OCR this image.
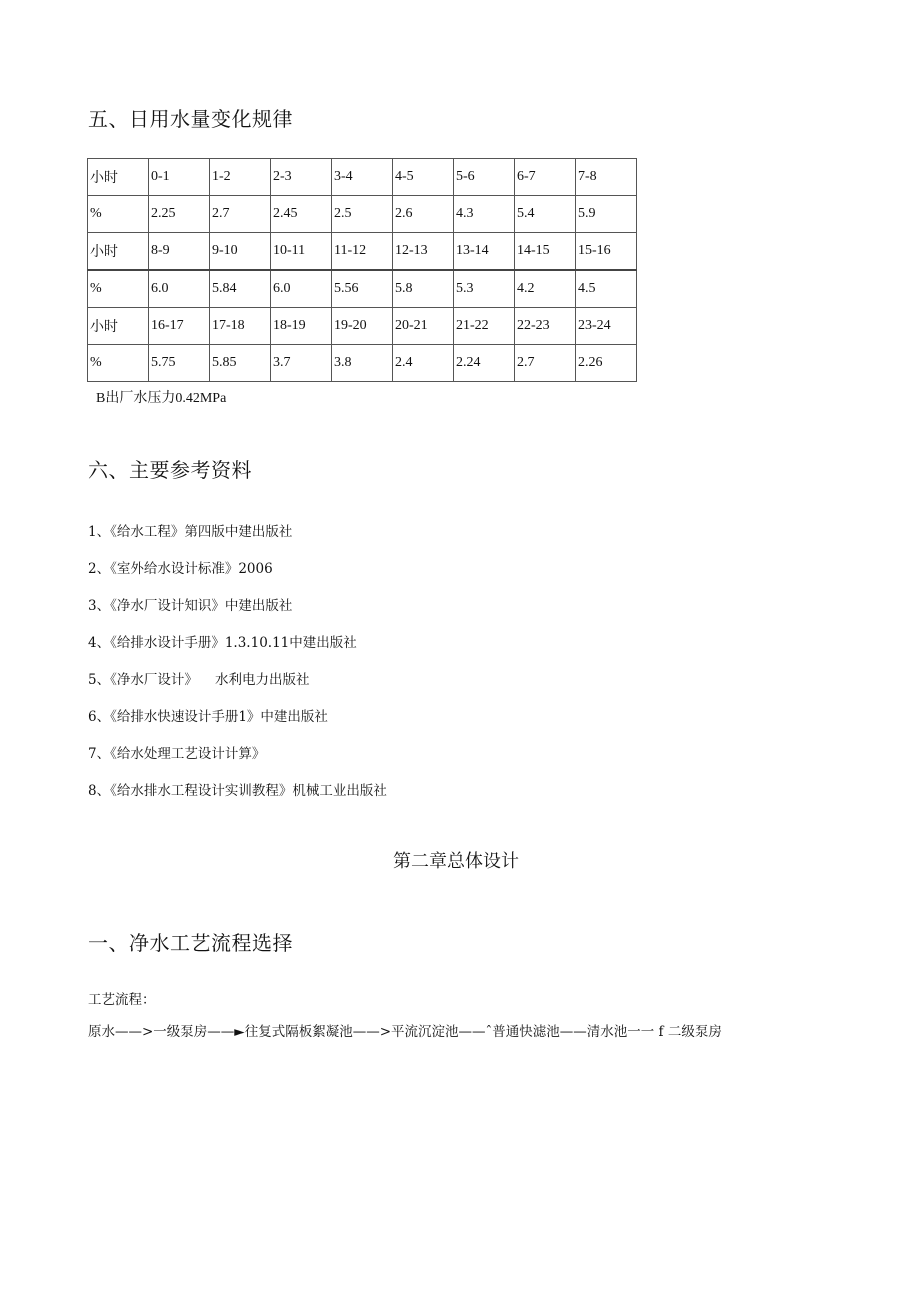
五、日用水量变化规律
小时	0-1	1-2	2-3	3-4	4-5	5-6	6-7	7-8
%	2.25	2.7	2.45	2.5	2.6	4.3	5.4	5.9
小时	8-9	9-10	10-11	11-12	12-13	13-14	14-15	15-16
%	6.0	5.84	6.0	5.56	5.8	5.3	4.2	4.5
小时	16-17	17-18	18-19	19-20	20-21	21-22	22-23	23-24
%	5.75	5.85	3.7	3.8	2.4	2.24	2.7	2.26
B出厂水压力0.42MPa
六、主要参考资料
1、《给水工程》第四版中建出版社
2、《室外给水设计标准》2006
3、《净水厂设计知识》中建出版社
4、《给排水设计手册》1.3.10.11中建出版社
5、《净水厂设计》    水利电力出版社
6、《给排水快速设计手册1》中建出版社
7、《给水处理工艺设计计算》
8、《给水排水工程设计实训教程》机械工业出版社
第二章总体设计
一、净水工艺流程选择
工艺流程：
原水——>一级泵房——►往复式隔板絮凝池——>平流沉淀池——ˆ普通快滤池——清水池一一 f 二级泵房
